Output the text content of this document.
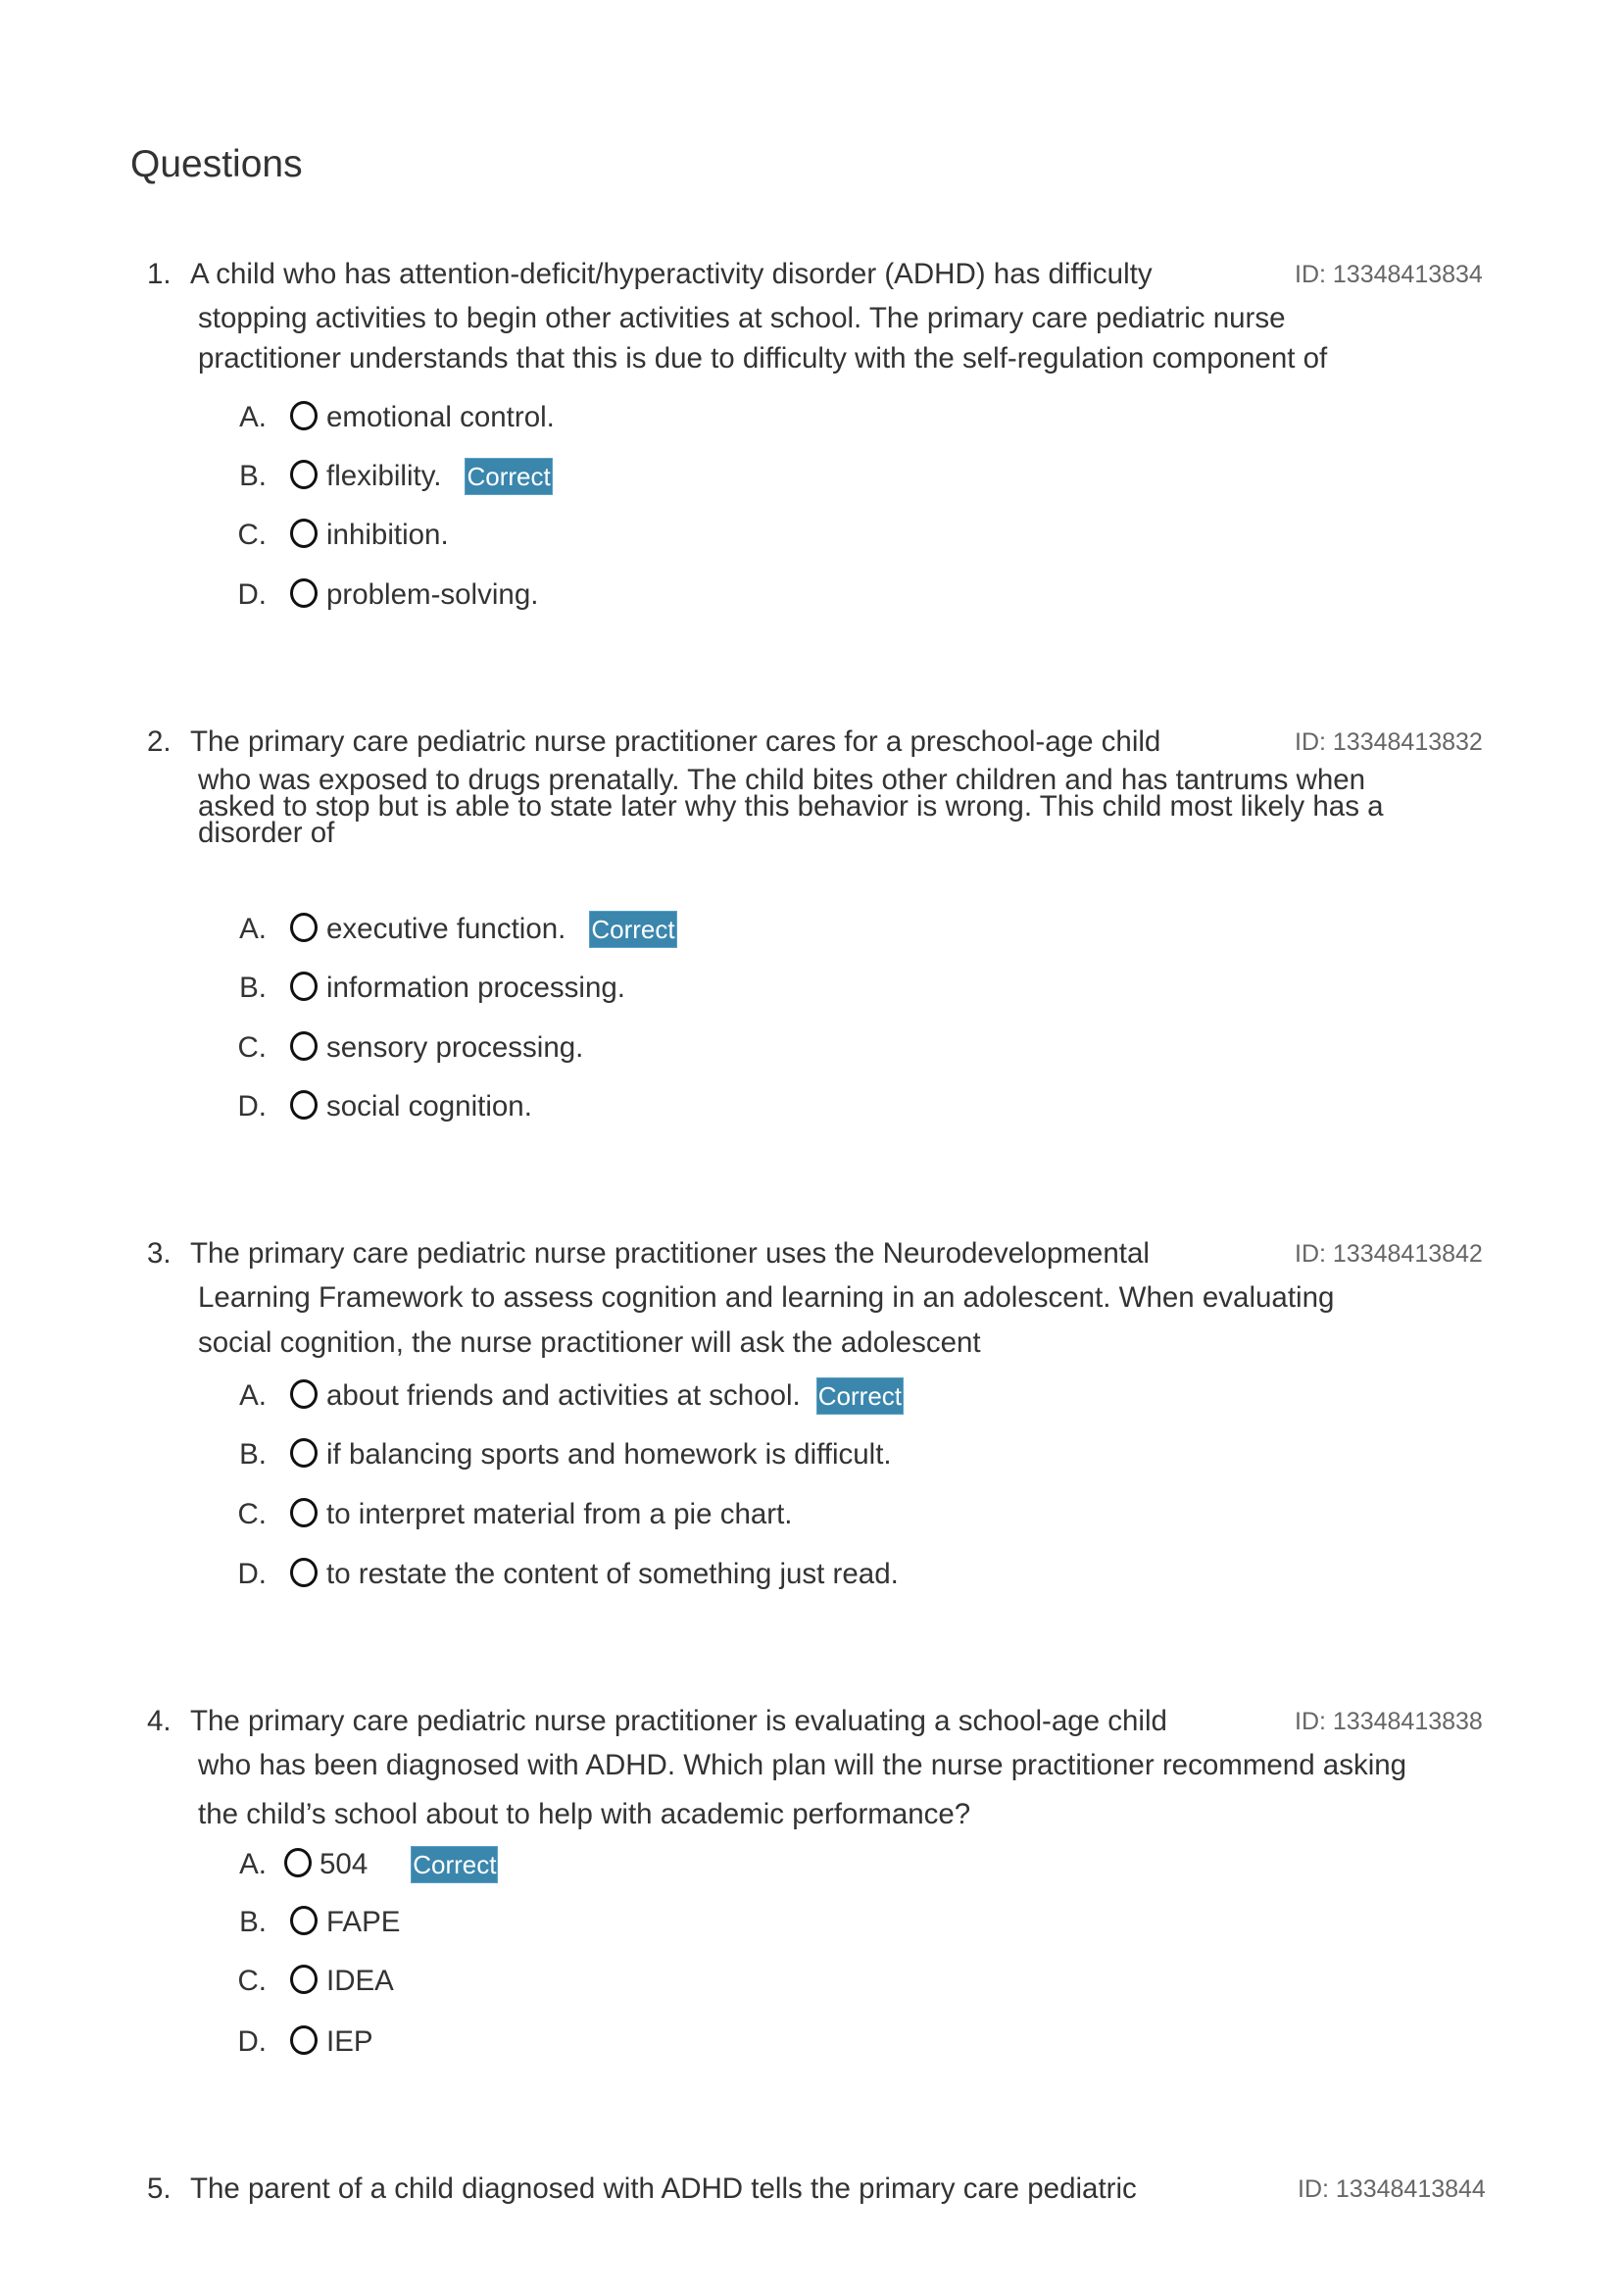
Questions
1. A child who has attention-deficit/hyperactivity disorder (ADHD) has difficulty	ID: 13348413834
stopping activities to begin other activities at school. The primary care pediatric nurse
practitioner understands that this is due to difficulty with the self-regulation component of
A. emotional control.
B. flexibility. Correct
C. inhibition.
D. problem-solving.
2. The primary care pediatric nurse practitioner cares for a preschool-age child	ID: 13348413832
who was exposed to drugs prenatally. The child bites other children and has tantrums when
asked to stop but is able to state later why this behavior is wrong. This child most likely has a
disorder of
A. executive function. Correct
B. information processing.
C. sensory processing.
D. social cognition.
3. The primary care pediatric nurse practitioner uses the Neurodevelopmental	ID: 13348413842
Learning Framework to assess cognition and learning in an adolescent. When evaluating
social cognition, the nurse practitioner will ask the adolescent
A. about friends and activities at school. Correct
B. if balancing sports and homework is difficult.
C. to interpret material from a pie chart.
D. to restate the content of something just read.
4. The primary care pediatric nurse practitioner is evaluating a school-age child	ID: 13348413838
who has been diagnosed with ADHD. Which plan will the nurse practitioner recommend asking
the child’s school about to help with academic performance?
A. 504 Correct
B. FAPE
C. IDEA
D. IEP
5. The parent of a child diagnosed with ADHD tells the primary care pediatric	ID: 13348413844
